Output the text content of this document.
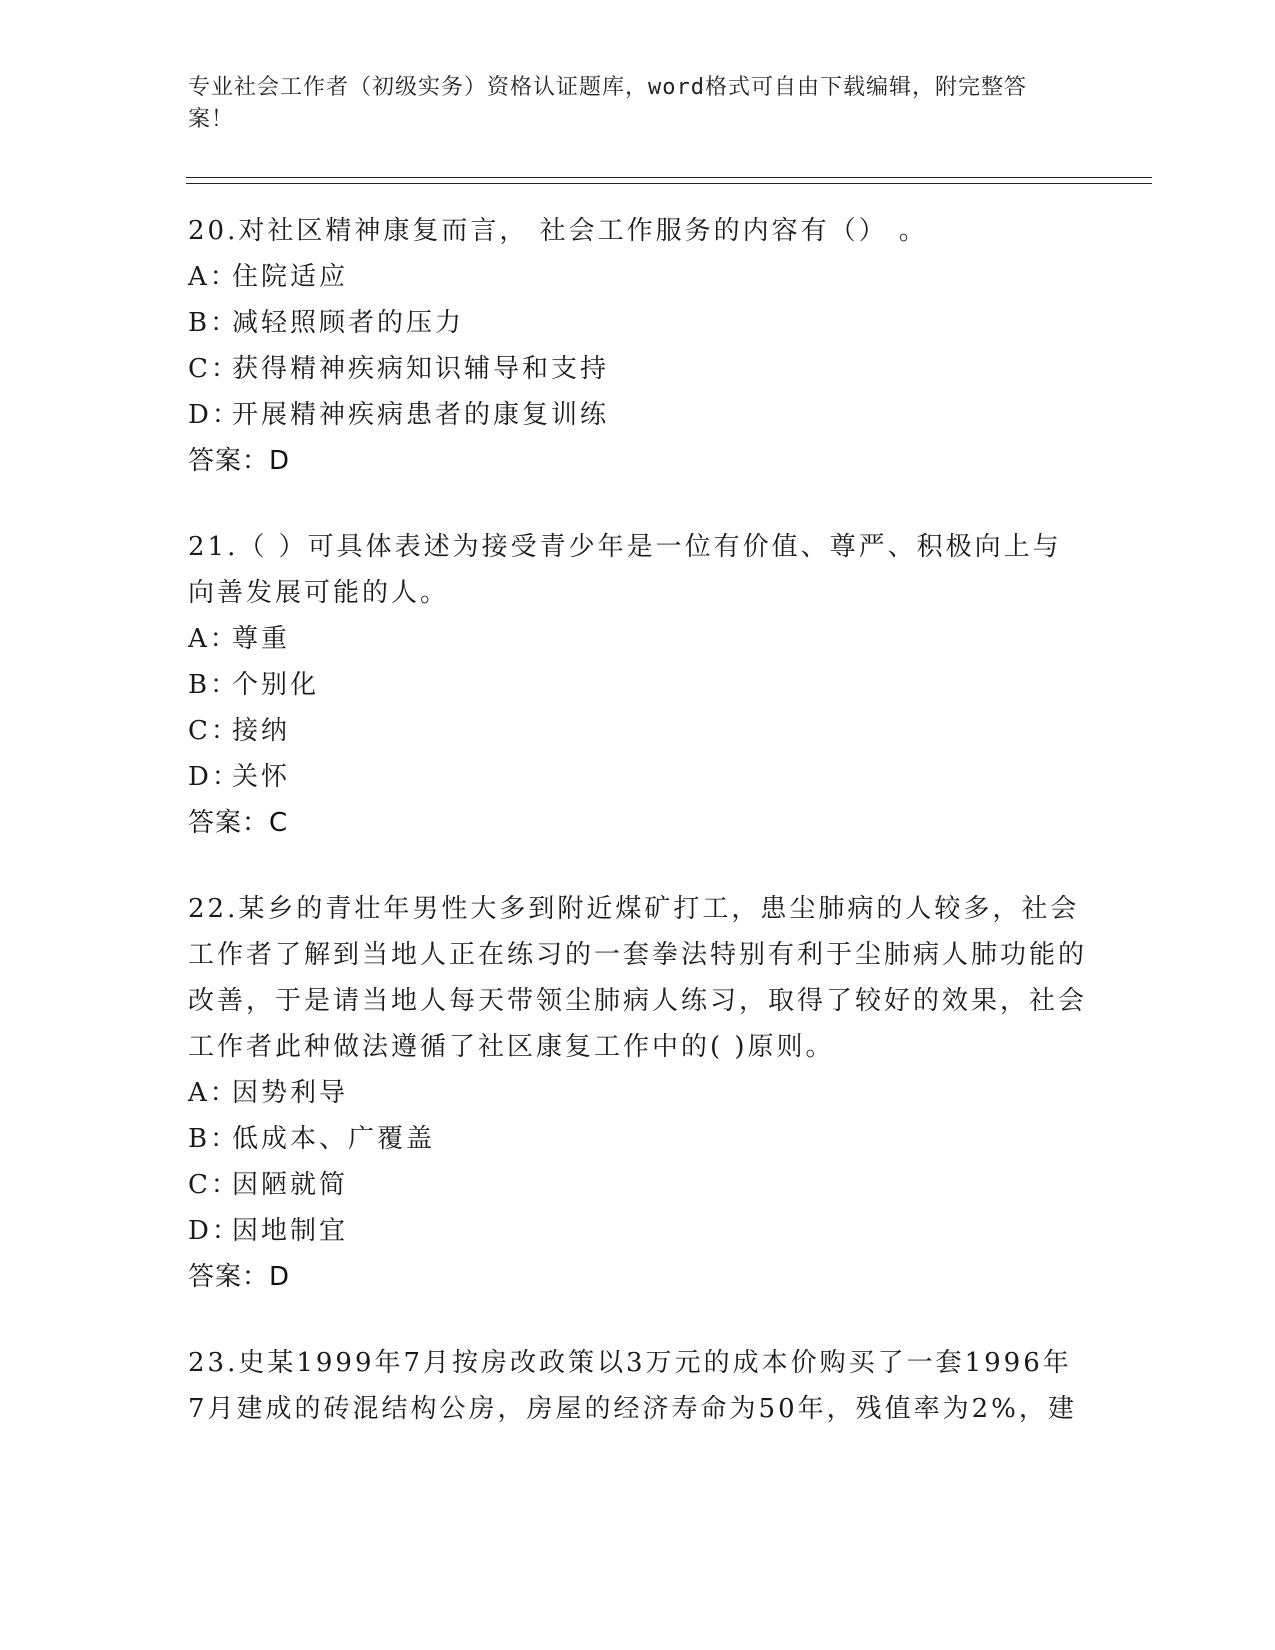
专业社会工作者（初级实务）资格认证题库，word格式可自由下载编辑，附完整答案！

20.对社区精神康复而言， 社会工作服务的内容有（） 。

A：住院适应

B：减轻照顾者的压力

C：获得精神疾病知识辅导和支持

D：开展精神疾病患者的康复训练

答案：D

21.（ ）可具体表述为接受青少年是一位有价值、尊严、积极向上与向善发展可能的人。

A：尊重

B：个别化

C：接纳

D：关怀

答案：C

22.某乡的青壮年男性大多到附近煤矿打工，患尘肺病的人较多，社会工作者了解到当地人正在练习的一套拳法特别有利于尘肺病人肺功能的改善，于是请当地人每天带领尘肺病人练习，取得了较好的效果，社会工作者此种做法遵循了社区康复工作中的( )原则。

A：因势利导

B：低成本、广覆盖

C：因陋就简

D：因地制宜

答案：D

23.史某1999年7月按房改政策以3万元的成本价购买了一套1996年7月建成的砖混结构公房，房屋的经济寿命为50年，残值率为2%，建
